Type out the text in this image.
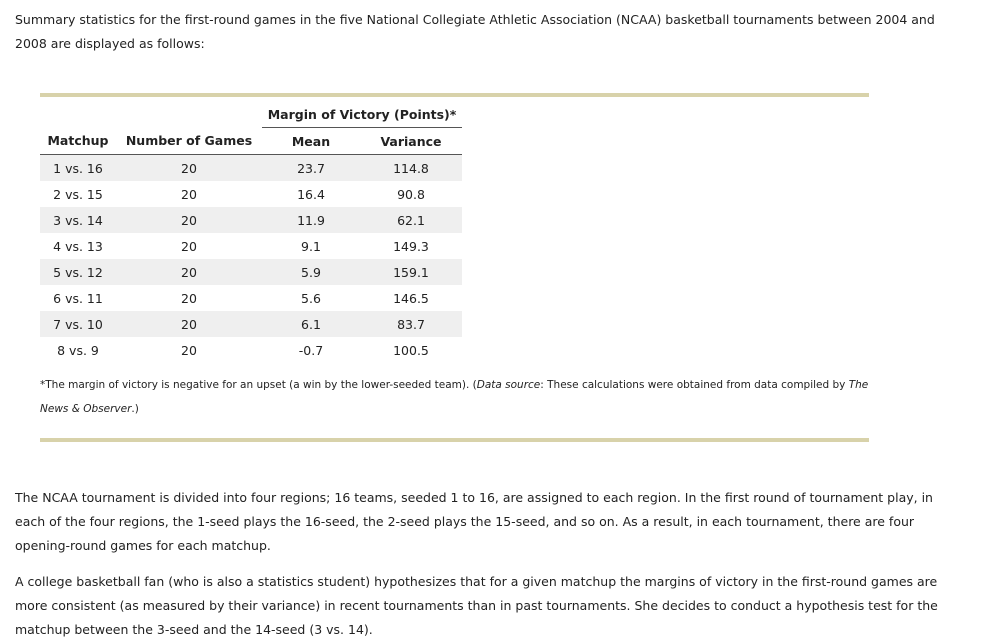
Summary statistics for the first-round games in the five National Collegiate Athletic Association (NCAA) basketball tournaments between 2004 and 2008 are displayed as follows:

		Margin of Victory (Points)*	
Matchup	Number of Games	Mean	Variance
1 vs. 16	20	23.7	114.8
2 vs. 15	20	16.4	90.8
3 vs. 14	20	11.9	62.1
4 vs. 13	20	9.1	149.3
5 vs. 12	20	5.9	159.1
6 vs. 11	20	5.6	146.5
7 vs. 10	20	6.1	83.7
8 vs. 9	20	-0.7	100.5

*The margin of victory is negative for an upset (a win by the lower-seeded team). (Data source: These calculations were obtained from data compiled by The News & Observer.)

The NCAA tournament is divided into four regions; 16 teams, seeded 1 to 16, are assigned to each region. In the first round of tournament play, in each of the four regions, the 1-seed plays the 16-seed, the 2-seed plays the 15-seed, and so on. As a result, in each tournament, there are four opening-round games for each matchup.

A college basketball fan (who is also a statistics student) hypothesizes that for a given matchup the margins of victory in the first-round games are more consistent (as measured by their variance) in recent tournaments than in past tournaments. She decides to conduct a hypothesis test for the matchup between the 3-seed and the 14-seed (3 vs. 14).
